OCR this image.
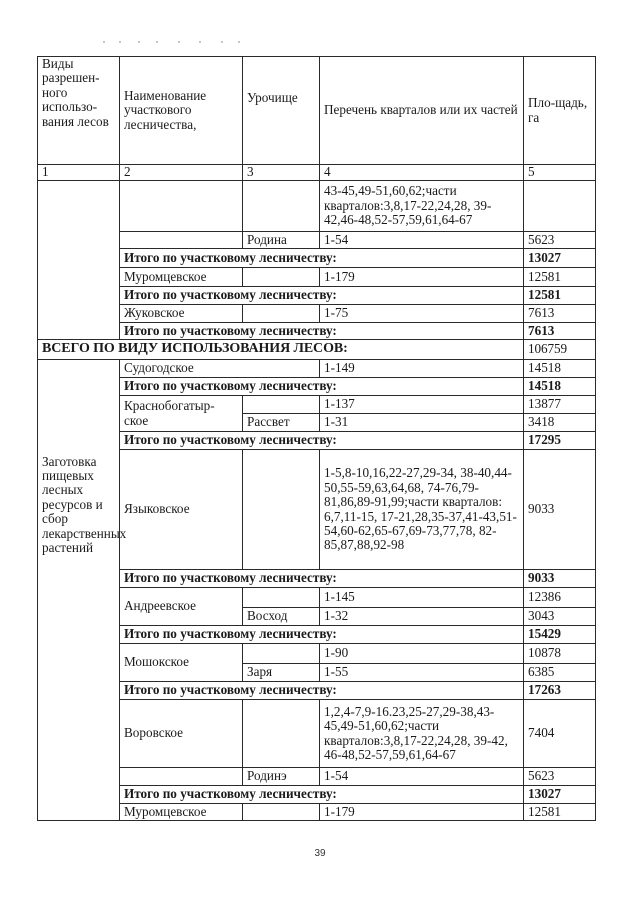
Виды разрешен-ного использо-вания лесов	Наименование участкового лесничества,	Урочище	Перечень кварталов или их частей	Пло-щадь, га
1	2	3	4	5
			43-45,49-51,60,62;части кварталов:3,8,17-22,24,28, 39-42,46-48,52-57,59,61,64-67	
		Родина	1-54	5623
	Итого по участковому лесничеству:			13027
	Муромцевское		1-179	12581
	Итого по участковому лесничеству:			12581
	Жуковское		1-75	7613
	Итого по участковому лесничеству:			7613
ВСЕГО ПО ВИДУ ИСПОЛЬЗОВАНИЯ ЛЕСОВ:				106759
Заготовка пищевых лесных ресурсов и сбор лекарственных растений	Судогодское		1-149	14518
	Итого по участковому лесничеству:			14518
	Краснобогатыр-ское		1-137	13877
		Рассвет	1-31	3418
	Итого по участковому лесничеству:			17295
	Языковское		1-5,8-10,16,22-27,29-34, 38-40,44-50,55-59,63,64,68, 74-76,79-81,86,89-91,99;части кварталов: 6,7,11-15, 17-21,28,35-37,41-43,51-54,60-62,65-67,69-73,77,78, 82-85,87,88,92-98	9033
	Итого по участковому лесничеству:			9033
	Андреевское		1-145	12386
		Восход	1-32	3043
	Итого по участковому лесничеству:			15429
	Мошокское		1-90	10878
		Заря	1-55	6385
	Итого по участковому лесничеству:			17263
	Воровское		1,2,4-7,9-16.23,25-27,29-38,43-45,49-51,60,62;части кварталов:3,8,17-22,24,28, 39-42, 46-48,52-57,59,61,64-67	7404
		Родинэ	1-54	5623
	Итого по участковому лесничеству:			13027
	Муромцевское		1-179	12581
39
